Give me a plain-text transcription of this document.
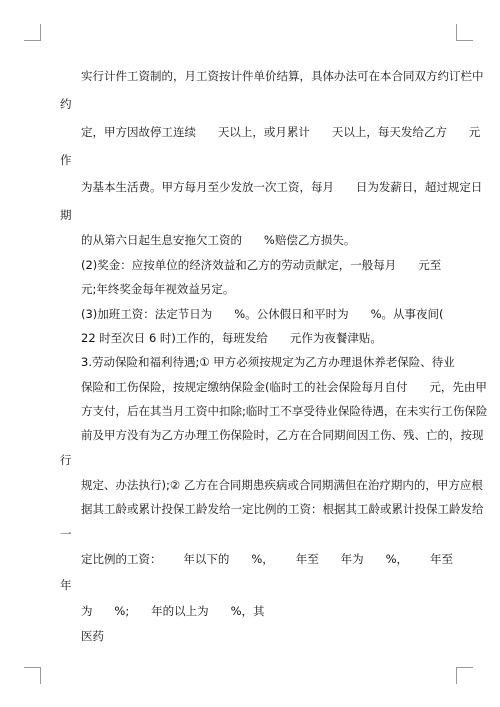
实行计件工资制的，月工资按计件单价结算，具体办法可在本合同双方约订栏中

约

定，甲方因故停工连续      天以上，或月累计      天以上，每天发给乙方      元

作

为基本生活费。甲方每月至少发放一次工资，每月      日为发薪日，超过规定日

期

的从第六日起生息安拖欠工资的      %赔偿乙方损失。

(2)奖金：应按单位的经济效益和乙方的劳动贡献定，一般每月      元至

元;年终奖金每年视效益另定。

(3)加班工资：法定节日为      %。公休假日和平时为      %。从事夜间(

22 时至次日 6 时)工作的，每班发给      元作为夜餐津贴。

3.劳动保险和福利待遇;① 甲方必须按规定为乙方办理退休养老保险、待业

保险和工伤保险，按规定缴纳保险金(临时工的社会保险每月自付      元，先由甲

方支付，后在其当月工资中扣除;临时工不享受待业保险待遇，在未实行工伤保险

前及甲方没有为乙方办理工伤保险时，乙方在合同期间因工伤、残、亡的，按现

行

规定、办法执行);② 乙方在合同期患疾病或合同期满但在治疗期内的，甲方应根

据其工龄或累计投保工龄发给一定比例的工资：根据其工龄或累计投保工龄发给

一

定比例的工资：      年以下的      %，      年至      年为      %，      年至

年

为      %;      年的以上为      %，其

医药
